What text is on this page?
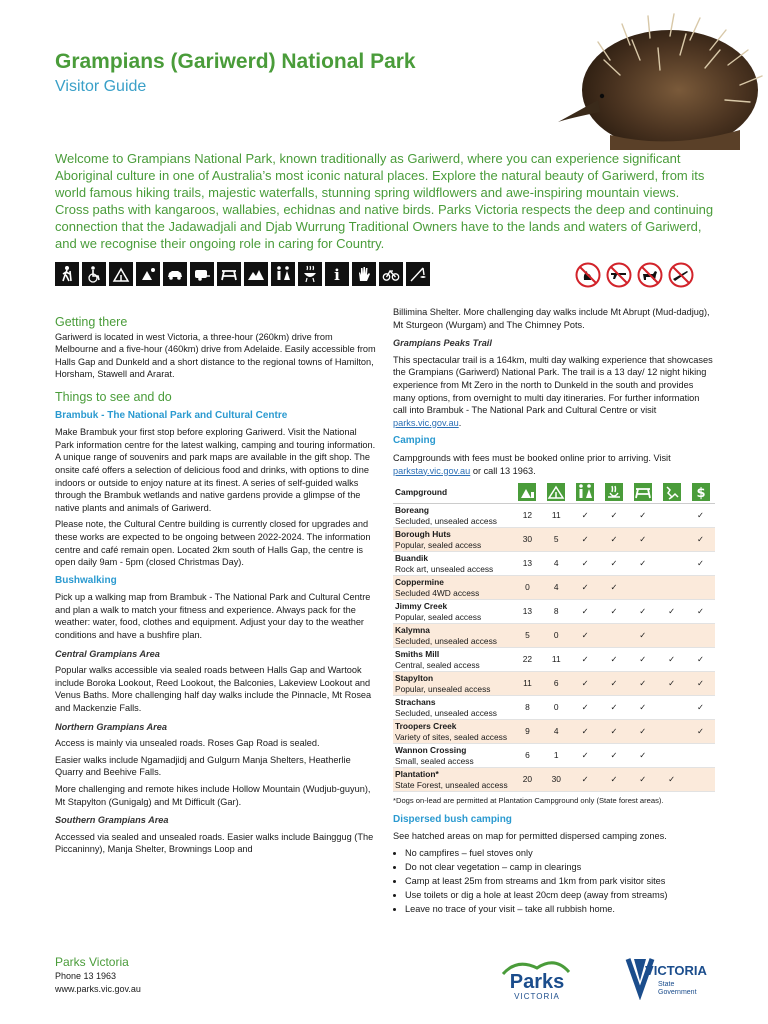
Grampians (Gariwerd) National Park
Visitor Guide
Welcome to Grampians National Park, known traditionally as Gariwerd, where you can experience significant Aboriginal culture in one of Australia’s most iconic natural places. Explore the natural beauty of Gariwerd, from its world famous hiking trails, majestic waterfalls, stunning spring wildflowers and awe-inspiring mountain views. Cross paths with kangaroos, wallabies, echidnas and native birds. Parks Victoria respects the deep and continuing connection that the Jadawadjali and Djab Wurrung Traditional Owners have to the lands and waters of Gariwerd, and we recognise their ongoing role in caring for Country.
i
Getting there

Gariwerd is located in west Victoria, a three-hour (260km) drive from Melbourne and a five-hour (460km) drive from Adelaide. Easily accessible from Halls Gap and Dunkeld and a short distance to the regional towns of Hamilton, Horsham, Stawell and Ararat.

Things to see and do
Brambuk - The National Park and Cultural Centre

Make Brambuk your first stop before exploring Gariwerd. Visit the National Park information centre for the latest walking, camping and touring information. A unique range of souvenirs and park maps are available in the gift shop. The onsite café offers a selection of delicious food and drinks, with options to dine indoors or outside to enjoy nature at its finest. A series of self-guided walks through the Brambuk wetlands and native gardens provide a glimpse of the native plants and animals of Gariwerd.

Please note, the Cultural Centre building is currently closed for upgrades and these works are expected to be ongoing between 2022-2024. The information centre and café remain open. Located 2km south of Halls Gap, the centre is open daily 9am - 5pm (closed Christmas Day).

Bushwalking

Pick up a walking map from Brambuk - The National Park and Cultural Centre and plan a walk to match your fitness and experience. Always pack for the weather: water, food, clothes and equipment. Adjust your day to the weather conditions and have a bushfire plan.

Central Grampians Area

Popular walks accessible via sealed roads between Halls Gap and Wartook include Boroka Lookout, Reed Lookout, the Balconies, Lakeview Lookout and Venus Baths. More challenging half day walks include the Pinnacle, Mt Rosea and Mackenzie Falls.

Northern Grampians Area

Access is mainly via unsealed roads. Roses Gap Road is sealed.

Easier walks include Ngamadjidj and Gulgurn Manja Shelters, Heatherlie Quarry and Beehive Falls.

More challenging and remote hikes include Hollow Mountain (Wudjub-guyun), Mt Stapylton (Gunigalg) and Mt Difficult (Gar).

Southern Grampians Area

Accessed via sealed and unsealed roads. Easier walks include Bainggug (The Piccaninny), Manja Shelter, Brownings Loop and

Billimina Shelter. More challenging day walks include Mt Abrupt (Mud-dadjug), Mt Sturgeon (Wurgam) and The Chimney Pots.

Grampians Peaks Trail

This spectacular trail is a 164km, multi day walking experience that showcases the Grampians (Gariwerd) National Park. The trail is a 13 day/ 12 night hiking experience from Mt Zero in the north to Dunkeld in the south and provides many options, from overnight to multi day itineraries. For further information call into Brambuk - The National Park and Cultural Centre or visit parks.vic.gov.au.

Camping

Campgrounds with fees must be booked online prior to arriving. Visit parkstay.vic.gov.au or call 13 1963.

Campground							$

Boreang
Secluded, unsealed access	12	11	✓	✓	✓		✓

Borough Huts
Popular, sealed access	30	5	✓	✓	✓		✓

Buandik
Rock art, unsealed access	13	4	✓	✓	✓		✓

Coppermine
Secluded 4WD access	0	4	✓	✓			

Jimmy Creek
Popular, sealed access	13	8	✓	✓	✓	✓	✓

Kalymna
Secluded, unsealed access	5	0	✓		✓		

Smiths Mill
Central, sealed access	22	11	✓	✓	✓	✓	✓

Stapylton
Popular, unsealed access	11	6	✓	✓	✓	✓	✓

Strachans
Secluded, unsealed access	8	0	✓	✓	✓		✓

Troopers Creek
Variety of sites, sealed access	9	4	✓	✓	✓		✓

Wannon Crossing
Small, sealed access	6	1	✓	✓	✓		

Plantation*
State Forest, unsealed access	20	30	✓	✓	✓	✓	
*Dogs on-lead are permitted at Plantation Campground only (State forest areas).
Dispersed bush camping

See hatched areas on map for permitted dispersed camping zones.

• No campfires – fuel stoves only
• Do not clear vegetation – camp in clearings
• Camp at least 25m from streams and 1km from park visitor sites
• Use toilets or dig a hole at least 20cm deep (away from streams)
• Leave no trace of your visit – take all rubbish home.
Parks Victoria
Phone 13 1963
www.parks.vic.gov.au	Parks
VICTORIA
VICTORIA
State
Government
